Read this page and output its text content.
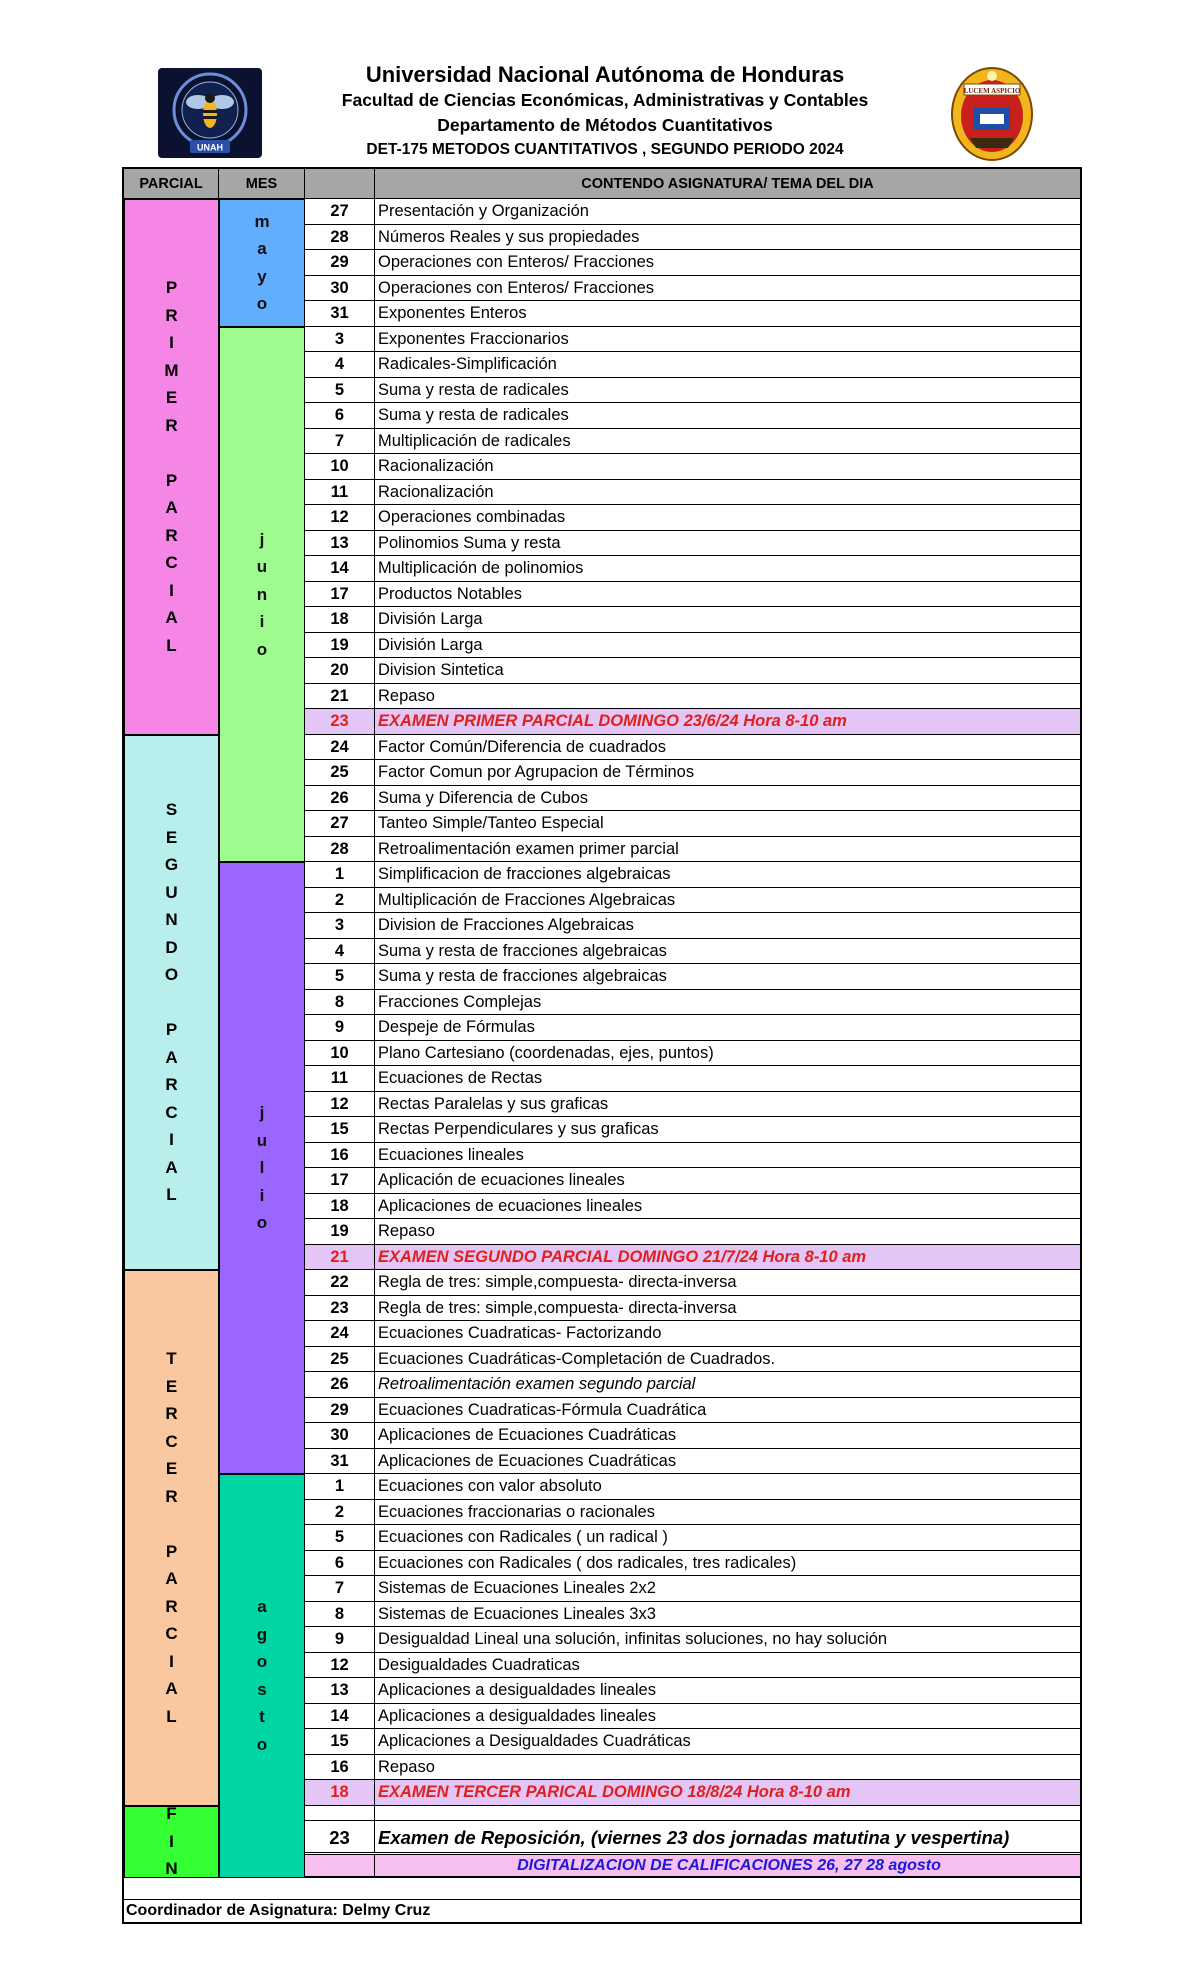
UNAH
Universidad Nacional Autónoma de Honduras
Facultad de Ciencias Económicas, Administrativas y Contables
Departamento de Métodos Cuantitativos
DET-175 METODOS CUANTITATIVOS , SEGUNDO PERIODO 2024
LUCEM ASPICIO
PARCIAL	MES	CONTENDO ASIGNATURA/ TEMA DEL DIA
P
R
I
M
E
R
P
A
R
C
I
A
L
S
E
G
U
N
D
O
P
A
R
C
I
A
L
T
E
R
C
E
R
P
A
R
C
I
A
L
F
I
N
m
a
y
o
j
u
n
i
o
j
u
l
i
o
a
g
o
s
t
o
27	Presentación y Organización
28	Números Reales y sus propiedades
29	Operaciones con Enteros/ Fracciones
30	Operaciones con Enteros/ Fracciones
31	Exponentes Enteros
3	Exponentes Fraccionarios
4	Radicales-Simplificación
5	Suma y resta de radicales
6	Suma y resta de radicales
7	Multiplicación de radicales
10	Racionalización
11	Racionalización
12	Operaciones combinadas
13	Polinomios Suma y resta
14	Multiplicación de polinomios
17	Productos Notables
18	División Larga
19	División Larga
20	Division Sintetica
21	Repaso
23	EXAMEN PRIMER PARCIAL DOMINGO 23/6/24 Hora 8-10 am
24	Factor Común/Diferencia de cuadrados
25	Factor Comun por Agrupacion de Términos
26	Suma y Diferencia de Cubos
27	Tanteo Simple/Tanteo Especial
28	Retroalimentación examen primer parcial
1	Simplificacion de fracciones algebraicas
2	Multiplicación de Fracciones Algebraicas
3	Division de Fracciones Algebraicas
4	Suma y resta de fracciones algebraicas
5	Suma y resta de fracciones algebraicas
8	Fracciones Complejas
9	Despeje de Fórmulas
10	Plano Cartesiano (coordenadas, ejes, puntos)
11	Ecuaciones de Rectas
12	Rectas Paralelas y sus graficas
15	Rectas Perpendiculares y sus graficas
16	Ecuaciones lineales
17	Aplicación de ecuaciones lineales
18	Aplicaciones de ecuaciones lineales
19	Repaso
21	EXAMEN SEGUNDO PARCIAL DOMINGO 21/7/24 Hora 8-10 am
22	Regla de tres: simple,compuesta- directa-inversa
23	Regla de tres: simple,compuesta- directa-inversa
24	Ecuaciones Cuadraticas- Factorizando
25	Ecuaciones Cuadráticas-Completación de Cuadrados.
26	Retroalimentación examen segundo parcial
29	Ecuaciones Cuadraticas-Fórmula Cuadrática
30	Aplicaciones de Ecuaciones Cuadráticas
31	Aplicaciones de Ecuaciones Cuadráticas
1	Ecuaciones con valor absoluto
2	Ecuaciones fraccionarias o racionales
5	Ecuaciones con Radicales ( un radical )
6	Ecuaciones con Radicales ( dos radicales, tres radicales)
7	Sistemas de Ecuaciones Lineales 2x2
8	Sistemas de Ecuaciones Lineales 3x3
9	Desigualdad Lineal una solución, infinitas soluciones, no hay solución
12	Desigualdades Cuadraticas
13	Aplicaciones a desigualdades lineales
14	Aplicaciones a desigualdades lineales
15	Aplicaciones a Desigualdades Cuadráticas
16	Repaso
18	EXAMEN TERCER PARICAL DOMINGO 18/8/24 Hora 8-10 am
23	Examen de Reposición, (viernes 23 dos jornadas matutina y vespertina)
DIGITALIZACION DE CALIFICACIONES 26, 27 28 agosto
Coordinador de Asignatura: Delmy Cruz
